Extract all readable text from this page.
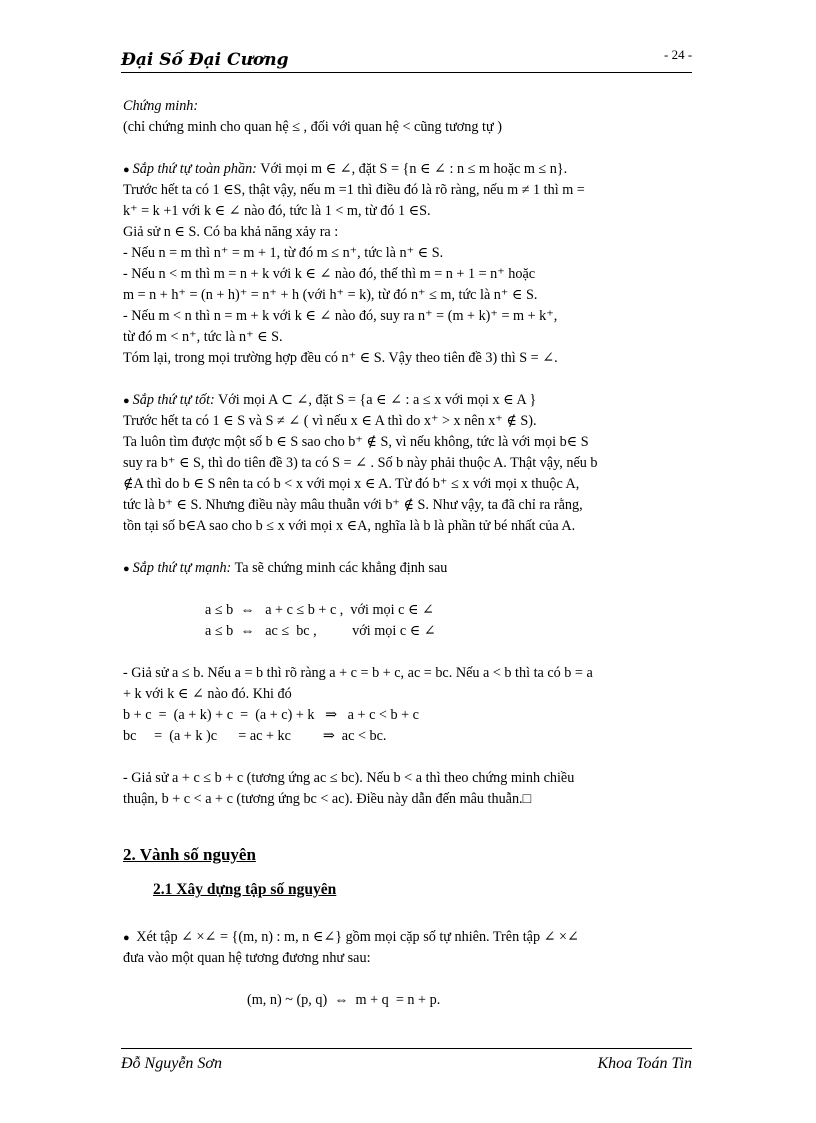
Đại Số Đại Cương	- 24 -
Chứng minh:
(chỉ chứng minh cho quan hệ ≤ , đối với quan hệ < cũng tương tự )
● Sắp thứ tự toàn phần: Với mọi m ∈ ∠, đặt S = {n ∈ ∠ : n ≤ m hoặc m ≤ n}.
Trước hết ta có 1 ∈S, thật vậy, nếu m =1 thì điều đó là rõ ràng, nếu m ≠ 1 thì m =
k⁺ = k +1 với k ∈ ∠ nào đó, tức là 1 < m, từ đó 1 ∈S.
Giả sử n ∈ S. Có ba khả năng xảy ra :
- Nếu n = m thì n⁺ = m + 1, từ đó m ≤ n⁺, tức là n⁺ ∈ S.
- Nếu n < m thì m = n + k với k ∈ ∠ nào đó, thế thì m = n + 1 = n⁺ hoặc
m = n + h⁺ = (n + h)⁺ = n⁺ + h (với h⁺ = k), từ đó n⁺ ≤ m, tức là n⁺ ∈ S.
- Nếu m < n thì n = m + k với k ∈ ∠ nào đó, suy ra n⁺ = (m + k)⁺ = m + k⁺,
từ đó m < n⁺, tức là n⁺ ∈ S.
Tóm lại, trong mọi trường hợp đều có n⁺ ∈ S. Vậy theo tiên đề 3) thì S = ∠.
● Sắp thứ tự tốt: Với mọi A ⊂ ∠, đặt S = {a ∈ ∠ : a ≤ x với mọi x ∈ A }
Trước hết ta có 1 ∈ S và S ≠ ∠ ( vì nếu x ∈ A thì do x⁺ > x nên x⁺ ∉ S).
Ta luôn tìm được một số b ∈ S sao cho b⁺ ∉ S, vì nếu không, tức là với mọi b∈ S
suy ra b⁺ ∈ S, thì do tiên đề 3) ta có S = ∠ . Số b này phải thuộc A. Thật vậy, nếu b
∉A thì do b ∈ S nên ta có b < x với mọi x ∈ A. Từ đó b⁺ ≤ x với mọi x thuộc A,
tức là b⁺ ∈ S. Nhưng điều này mâu thuẫn với b⁺ ∉ S. Như vậy, ta đã chỉ ra rằng,
tồn tại số b∈A sao cho b ≤ x với mọi x ∈A, nghĩa là b là phần tử bé nhất của A.
● Sắp thứ tự mạnh: Ta sẽ chứng minh các khẳng định sau
a ≤ b  ⇔   a + c ≤ b + c ,  với mọi c ∈ ∠
a ≤ b  ⇔   ac ≤  bc ,          với mọi c ∈ ∠
- Giả sử a ≤ b. Nếu a = b thì rõ ràng a + c = b + c, ac = bc. Nếu a < b thì ta có b = a
+ k với k ∈ ∠ nào đó. Khi đó
b + c  =  (a + k) + c  =  (a + c) + k   ⇒   a + c < b + c
bc     =  (a + k )c      = ac + kc         ⇒  ac < bc.
- Giả sử a + c ≤ b + c (tương ứng ac ≤ bc). Nếu b < a thì theo chứng minh chiều
thuận, b + c < a + c (tương ứng bc < ac). Điều này dẫn đến mâu thuẫn.□
2. Vành số nguyên
2.1 Xây dựng tập số nguyên
● Xét tập ∠ ×∠ = {(m, n) : m, n ∈∠} gồm mọi cặp số tự nhiên. Trên tập ∠ ×∠
đưa vào một quan hệ tương đương như sau:
(m, n) ~ (p, q)  ⇔  m + q  = n + p.
Đỗ Nguyễn Sơn	Khoa Toán Tin
